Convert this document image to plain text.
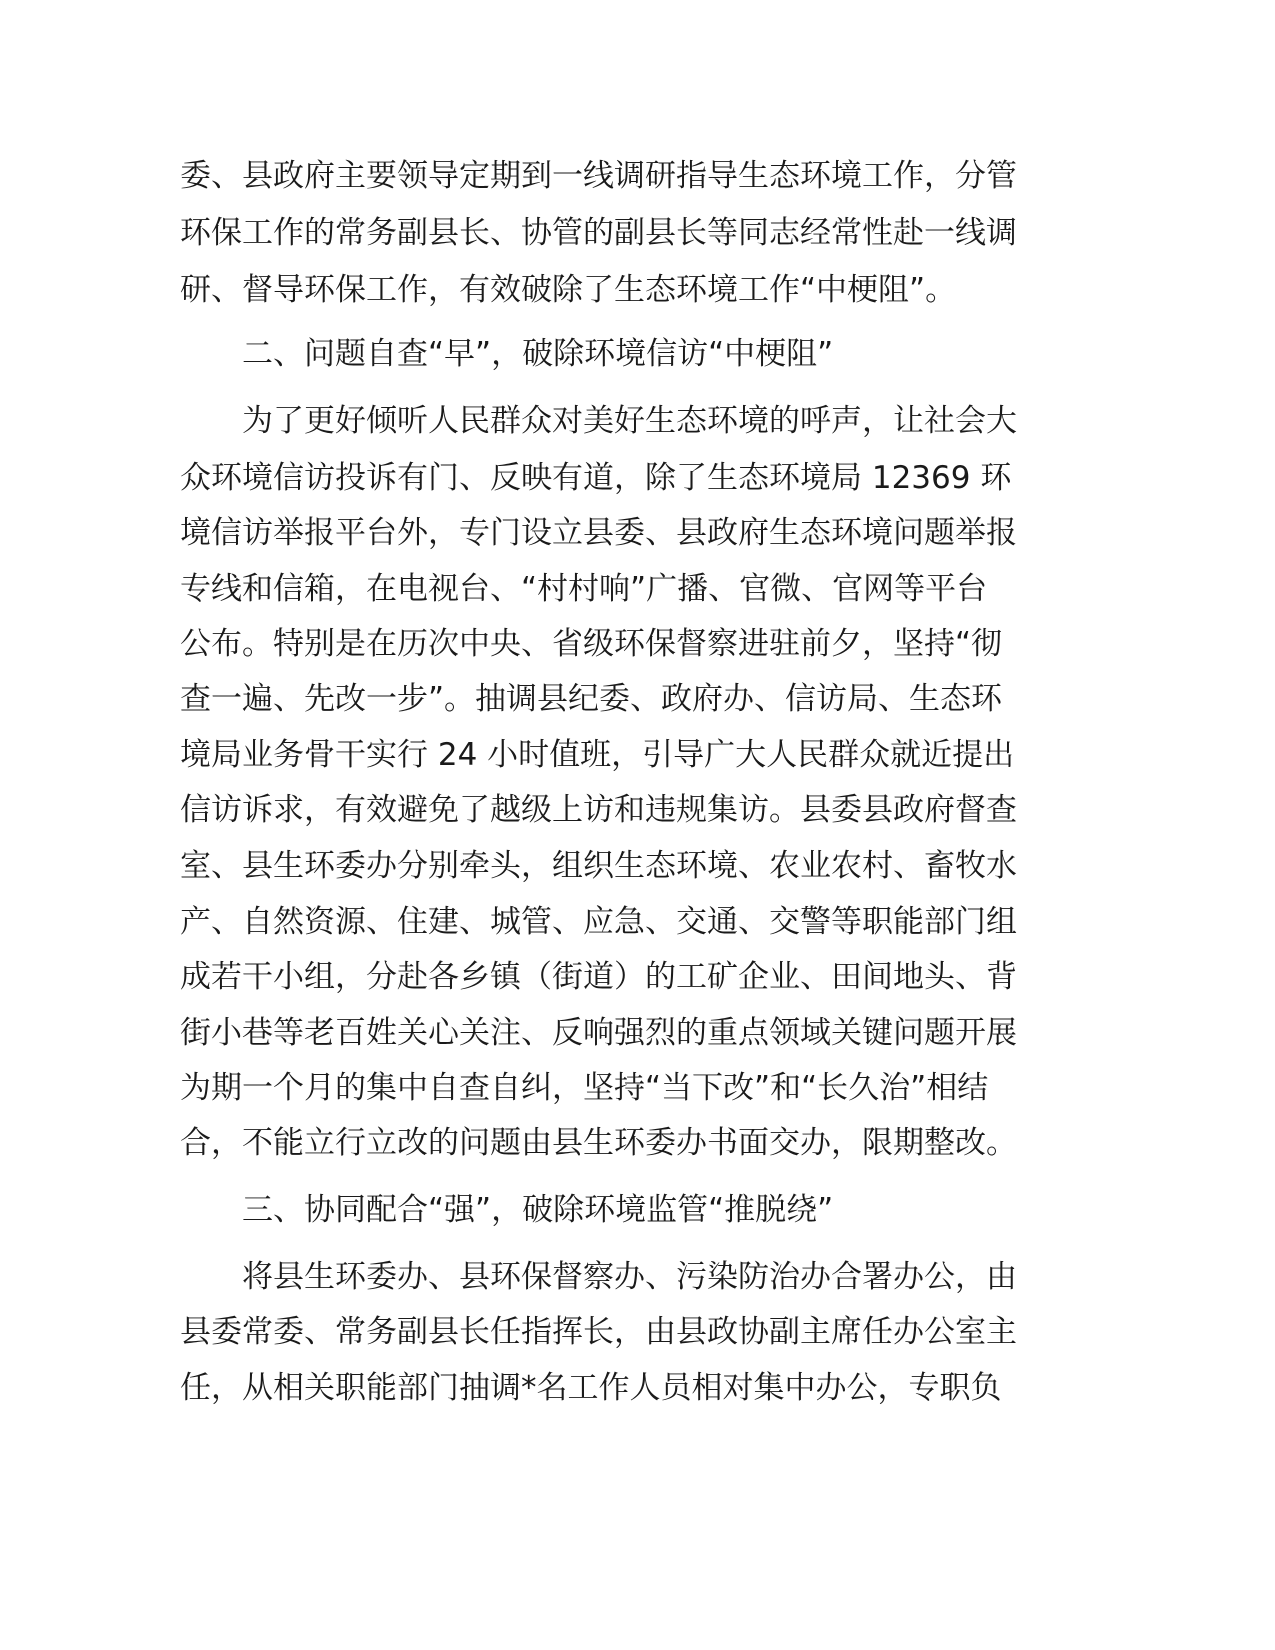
委、县政府主要领导定期到一线调研指导生态环境工作，分管
环保工作的常务副县长、协管的副县长等同志经常性赴一线调
研、督导环保工作，有效破除了生态环境工作“中梗阻”。
二、问题自查“早”，破除环境信访“中梗阻”
为了更好倾听人民群众对美好生态环境的呼声，让社会大
众环境信访投诉有门、反映有道，除了生态环境局 12369 环
境信访举报平台外，专门设立县委、县政府生态环境问题举报
专线和信箱，在电视台、“村村响”广播、官微、官网等平台
公布。特别是在历次中央、省级环保督察进驻前夕，坚持“彻
查一遍、先改一步”。抽调县纪委、政府办、信访局、生态环
境局业务骨干实行 24 小时值班，引导广大人民群众就近提出
信访诉求，有效避免了越级上访和违规集访。县委县政府督查
室、县生环委办分别牵头，组织生态环境、农业农村、畜牧水
产、自然资源、住建、城管、应急、交通、交警等职能部门组
成若干小组，分赴各乡镇（街道）的工矿企业、田间地头、背
街小巷等老百姓关心关注、反响强烈的重点领域关键问题开展
为期一个月的集中自查自纠，坚持“当下改”和“长久治”相结
合，不能立行立改的问题由县生环委办书面交办，限期整改。
三、协同配合“强”，破除环境监管“推脱绕”
将县生环委办、县环保督察办、污染防治办合署办公，由
县委常委、常务副县长任指挥长，由县政协副主席任办公室主
任，从相关职能部门抽调*名工作人员相对集中办公，专职负
